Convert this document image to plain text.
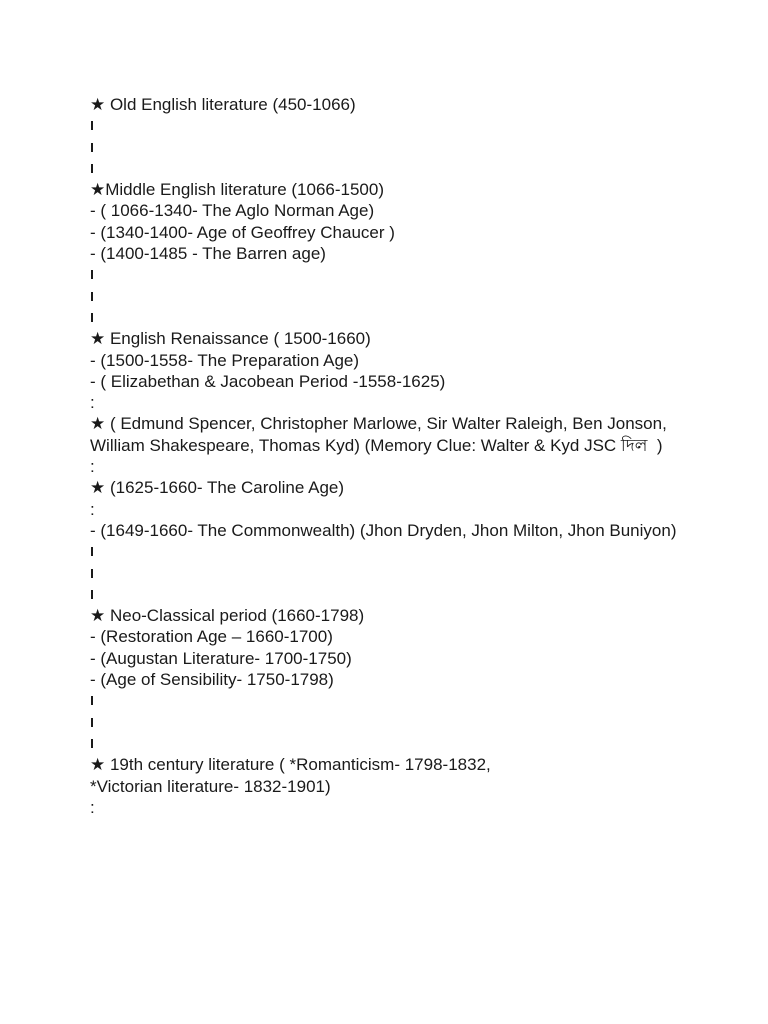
★ Old English literature (450-1066)
★Middle English literature (1066-1500)
- ( 1066-1340- The Aglo Norman Age)
- (1340-1400- Age of Geoffrey Chaucer )
- (1400-1485 - The Barren age)
★ English Renaissance ( 1500-1660)
- (1500-1558- The Preparation Age)
- ( Elizabethan & Jacobean Period -1558-1625)
:
★ ( Edmund Spencer, Christopher Marlowe, Sir Walter Raleigh, Ben Jonson, William Shakespeare, Thomas Kyd) (Memory Clue: Walter & Kyd JSC দিল  )
:
★ (1625-1660- The Caroline Age)
:
- (1649-1660- The Commonwealth) (Jhon Dryden, Jhon Milton, Jhon Buniyon)
★ Neo-Classical period (1660-1798)
- (Restoration Age – 1660-1700)
- (Augustan Literature- 1700-1750)
- (Age of Sensibility- 1750-1798)
★ 19th century literature ( *Romanticism- 1798-1832,
*Victorian literature- 1832-1901)
:
